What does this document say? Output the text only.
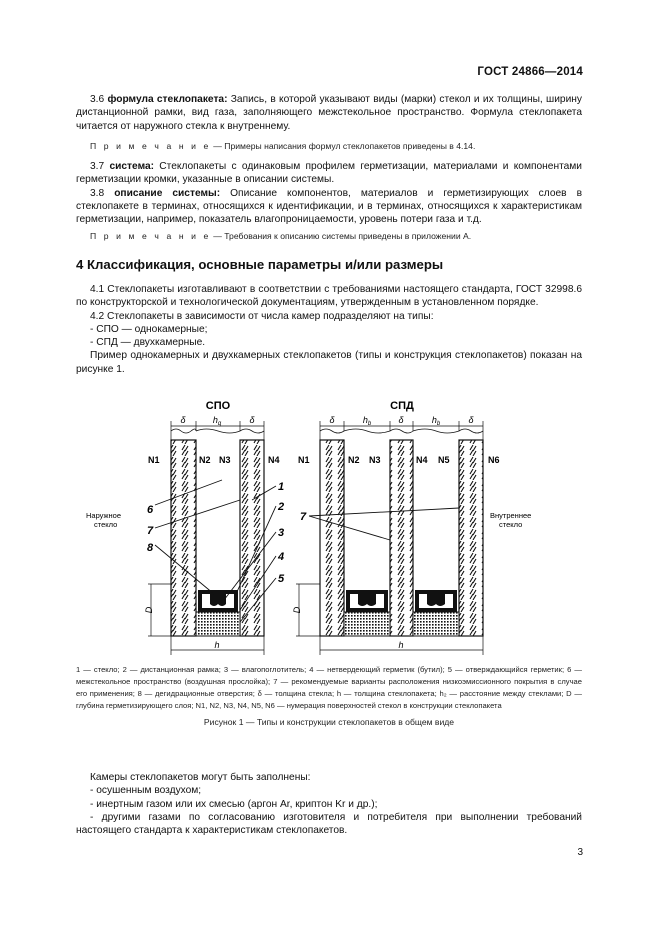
ГОСТ 24866—2014

3.6 формула стеклопакета: Запись, в которой указывают виды (марки) стекол и их толщины, ширину дистанционной рамки, вид газа, заполняющего межстекольное пространство. Формула стеклопакета читается от наружного стекла к внутреннему.

П р и м е ч а н и е — Примеры написания формул стеклопакетов приведены в 4.14.

3.7 система: Стеклопакеты с одинаковым профилем герметизации, материалами и компонентами герметизации кромки, указанные в описании системы.

3.8 описание системы: Описание компонентов, материалов и герметизирующих слоев в стеклопакете в терминах, относящихся к идентификации, и в терминах, относящихся к характеристикам герметизации, например, показатель влагопроницаемости, уровень потери газа и т.д.

П р и м е ч а н и е — Требования к описанию системы приведены в приложении А.

4 Классификация, основные параметры и/или размеры

4.1 Стеклопакеты изготавливают в соответствии с требованиями настоящего стандарта, ГОСТ 32998.6 по конструкторской и технологической документациям, утвержденным в установленном порядке.

4.2 Стеклопакеты в зависимости от числа камер подразделяют на типы:

- СПО — однокамерные;

- СПД — двухкамерные.

Пример однокамерных и двухкамерных стеклопакетов (типы и конструкция стеклопакетов) показан на рисунке 1.

СПО	СПД
δ	δ
$h_q$
N1	N2 N3	N4
D
h
Наружное стекло
6
7
8
1
2
3
4
5
δ	δ	δ
$h_b$	$h_b$
N1	N2 N3	N4 N5	N6
D
h
Внутреннее стекло
7
1 — стекло; 2 — дистанционная рамка; 3 — влагопоглотитель; 4 — нетвердеющий герметик (бутил); 5 — отверждающийся герметик; 6 — межстекольное пространство (воздушная прослойка); 7 — рекомендуемые варианты расположения низкоэмиссионного покрытия в случае его применения; 8 — дегидрационные отверстия; δ — толщина стекла; h — толщина стеклопакета; h₂ — расстояние между стеклами; D — глубина герметизирующего слоя; N1, N2, N3, N4, N5, N6 — нумерация поверхностей стекол в конструкции стеклопакета
Рисунок 1 — Типы и конструкции стеклопакетов в общем виде

Камеры стеклопакетов могут быть заполнены:

- осушенным воздухом;

- инертным газом или их смесью (аргон Ar, криптон Kr и др.);

- другими газами по согласованию изготовителя и потребителя при выполнении требований настоящего стандарта к характеристикам стеклопакетов.

3
